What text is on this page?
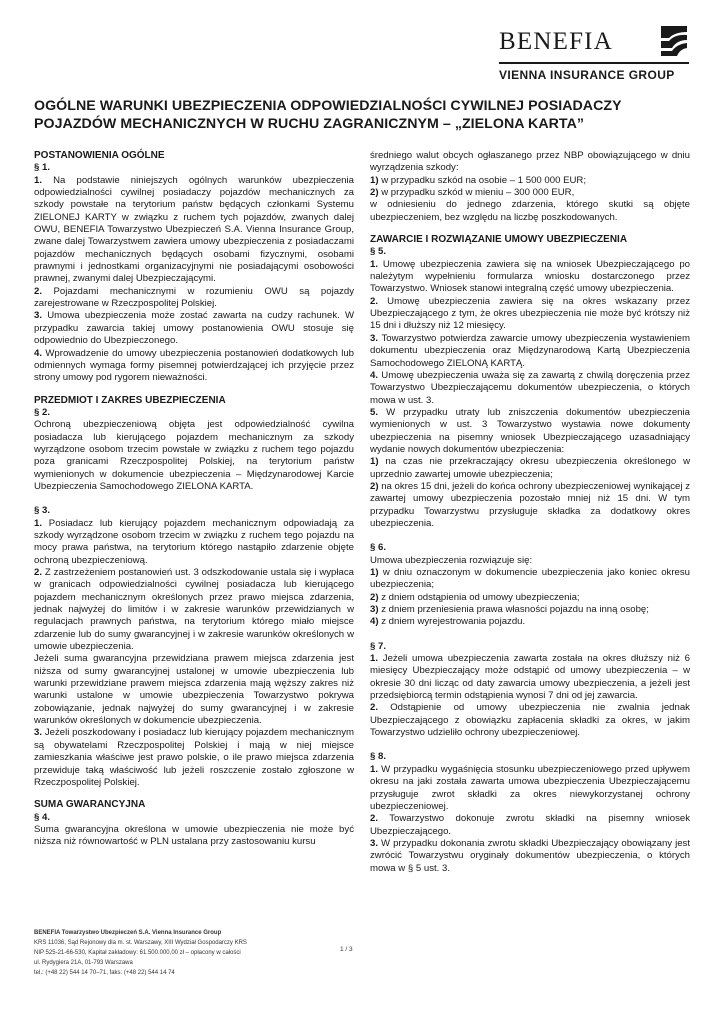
BENEFIA
VIENNA INSURANCE GROUP
OGÓLNE WARUNKI UBEZPIECZENIA ODPOWIEDZIALNOŚCI CYWILNEJ POSIADACZY
POJAZDÓW MECHANICZNYCH W RUCHU ZAGRANICZNYM – „ZIELONA KARTA”
POSTANOWIENIA OGÓLNE
§ 1.

1. Na podstawie niniejszych ogólnych warunków ubezpieczenia odpowiedzialności cywilnej posiadaczy pojazdów mechanicznych za szkody powstałe na terytorium państw będących członkami Systemu ZIELONEJ KARTY w związku z ruchem tych pojazdów, zwanych dalej OWU, BENEFIA Towarzystwo Ubezpieczeń S.A. Vienna Insurance Group, zwane dalej Towarzystwem zawiera umowy ubezpieczenia z posiadaczami pojazdów mechanicznych będących osobami fizycznymi, osobami prawnymi i jednostkami organizacyjnymi nie posiadającymi osobowości prawnej, zwanymi dalej Ubezpieczającymi.

2. Pojazdami mechanicznymi w rozumieniu OWU są pojazdy zarejestrowane w Rzeczpospolitej Polskiej.

3. Umowa ubezpieczenia może zostać zawarta na cudzy rachunek. W przypadku zawarcia takiej umowy postanowienia OWU stosuje się odpowiednio do Ubezpieczonego.

4. Wprowadzenie do umowy ubezpieczenia postanowień dodatkowych lub odmiennych wymaga formy pisemnej potwierdzającej ich przyjęcie przez strony umowy pod rygorem nieważności.

PRZEDMIOT I ZAKRES UBEZPIECZENIA
§ 2.

Ochroną ubezpieczeniową objęta jest odpowiedzialność cywilna posiadacza lub kierującego pojazdem mechanicznym za szkody wyrządzone osobom trzecim powstałe w związku z ruchem tego pojazdu poza granicami Rzeczpospolitej Polskiej, na terytorium państw wymienionych w dokumencie ubezpieczenia – Międzynarodowej Karcie Ubezpieczenia Samochodowego ZIELONA KARTA.

§ 3.

1. Posiadacz lub kierujący pojazdem mechanicznym odpowiadają za szkody wyrządzone osobom trzecim w związku z ruchem tego pojazdu na mocy prawa państwa, na terytorium którego nastąpiło zdarzenie objęte ochroną ubezpieczeniową.

2. Z zastrzeżeniem postanowień ust. 3 odszkodowanie ustala się i wypłaca w granicach odpowiedzialności cywilnej posiadacza lub kierującego pojazdem mechanicznym określonych przez prawo miejsca zdarzenia, jednak najwyżej do limitów i w zakresie warunków przewidzianych w regulacjach prawnych państwa, na terytorium którego miało miejsce zdarzenie lub do sumy gwarancyjnej i w zakresie warunków określonych w umowie ubezpieczenia.

Jeżeli suma gwarancyjna przewidziana prawem miejsca zdarzenia jest niższa od sumy gwarancyjnej ustalonej w umowie ubezpieczenia lub warunki przewidziane prawem miejsca zdarzenia mają węższy zakres niż warunki ustalone w umowie ubezpieczenia Towarzystwo pokrywa zobowiązanie, jednak najwyżej do sumy gwarancyjnej i w zakresie warunków określonych w dokumencie ubezpieczenia.

3. Jeżeli poszkodowany i posiadacz lub kierujący pojazdem mechanicznym są obywatelami Rzeczpospolitej Polskiej i mają w niej miejsce zamieszkania właściwe jest prawo polskie, o ile prawo miejsca zdarzenia przewiduje taką właściwość lub jeżeli roszczenie zostało zgłoszone w Rzeczpospolitej Polskiej.

SUMA GWARANCYJNA
§ 4.

Suma gwarancyjna określona w umowie ubezpieczenia nie może być niższa niż równowartość w PLN ustalana przy zastosowaniu kursu

średniego walut obcych ogłaszanego przez NBP obowiązującego w dniu wyrządzenia szkody:

1) w przypadku szkód na osobie – 1 500 000 EUR;

2) w przypadku szkód w mieniu – 300 000 EUR,

w odniesieniu do jednego zdarzenia, którego skutki są objęte ubezpieczeniem, bez względu na liczbę poszkodowanych.

ZAWARCIE I ROZWIĄZANIE UMOWY UBEZPIECZENIA
§ 5.

1. Umowę ubezpieczenia zawiera się na wniosek Ubezpieczającego po należytym wypełnieniu formularza wniosku dostarczonego przez Towarzystwo. Wniosek stanowi integralną część umowy ubezpieczenia.

2. Umowę ubezpieczenia zawiera się na okres wskazany przez Ubezpieczającego z tym, że okres ubezpieczenia nie może być krótszy niż 15 dni i dłuższy niż 12 miesięcy.

3. Towarzystwo potwierdza zawarcie umowy ubezpieczenia wystawieniem dokumentu ubezpieczenia oraz Międzynarodową Kartą Ubezpieczenia Samochodowego ZIELONĄ KARTĄ.

4. Umowę ubezpieczenia uważa się za zawartą z chwilą doręczenia przez Towarzystwo Ubezpieczającemu dokumentów ubezpieczenia, o których mowa w ust. 3.

5. W przypadku utraty lub zniszczenia dokumentów ubezpieczenia wymienionych w ust. 3 Towarzystwo wystawia nowe dokumenty ubezpieczenia na pisemny wniosek Ubezpieczającego uzasadniający wydanie nowych dokumentów ubezpieczenia:

1) na czas nie przekraczający okresu ubezpieczenia określonego w uprzednio zawartej umowie ubezpieczenia;

2) na okres 15 dni, jeżeli do końca ochrony ubezpieczeniowej wynikającej z zawartej umowy ubezpieczenia pozostało mniej niż 15 dni. W tym przypadku Towarzystwu przysługuje składka za dodatkowy okres ubezpieczenia.

§ 6.

Umowa ubezpieczenia rozwiązuje się:

1) w dniu oznaczonym w dokumencie ubezpieczenia jako koniec okresu ubezpieczenia;

2) z dniem odstąpienia od umowy ubezpieczenia;

3) z dniem przeniesienia prawa własności pojazdu na inną osobę;

4) z dniem wyrejestrowania pojazdu.

§ 7.

1. Jeżeli umowa ubezpieczenia zawarta została na okres dłuższy niż 6 miesięcy Ubezpieczający może odstąpić od umowy ubezpieczenia – w okresie 30 dni licząc od daty zawarcia umowy ubezpieczenia, a jeżeli jest przedsiębiorcą termin odstąpienia wynosi 7 dni od jej zawarcia.

2. Odstąpienie od umowy ubezpieczenia nie zwalnia jednak Ubezpieczającego z obowiązku zapłacenia składki za okres, w jakim Towarzystwo udzieliło ochrony ubezpieczeniowej.

§ 8.

1. W przypadku wygaśnięcia stosunku ubezpieczeniowego przed upływem okresu na jaki została zawarta umowa ubezpieczenia Ubezpieczającemu przysługuje zwrot składki za okres niewykorzystanej ochrony ubezpieczeniowej.

2. Towarzystwo dokonuje zwrotu składki na pisemny wniosek Ubezpieczającego.

3. W przypadku dokonania zwrotu składki Ubezpieczający obowiązany jest zwrócić Towarzystwu oryginały dokumentów ubezpieczenia, o których mowa w § 5 ust. 3.

BENEFIA Towarzystwo Ubezpieczeń S.A. Vienna Insurance Group
KRS 11036, Sąd Rejonowy dla m. st. Warszawy, XIII Wydział Gospodarczy KRS
NIP 525-21-66-530, Kapitał zakładowy: 61.500.000,00 zł – opłacony w całości
ul. Rydygiera 21A, 01-793 Warszawa
tel.: (+48 22) 544 14 70–71, faks: (+48 22) 544 14 74
1 / 3
